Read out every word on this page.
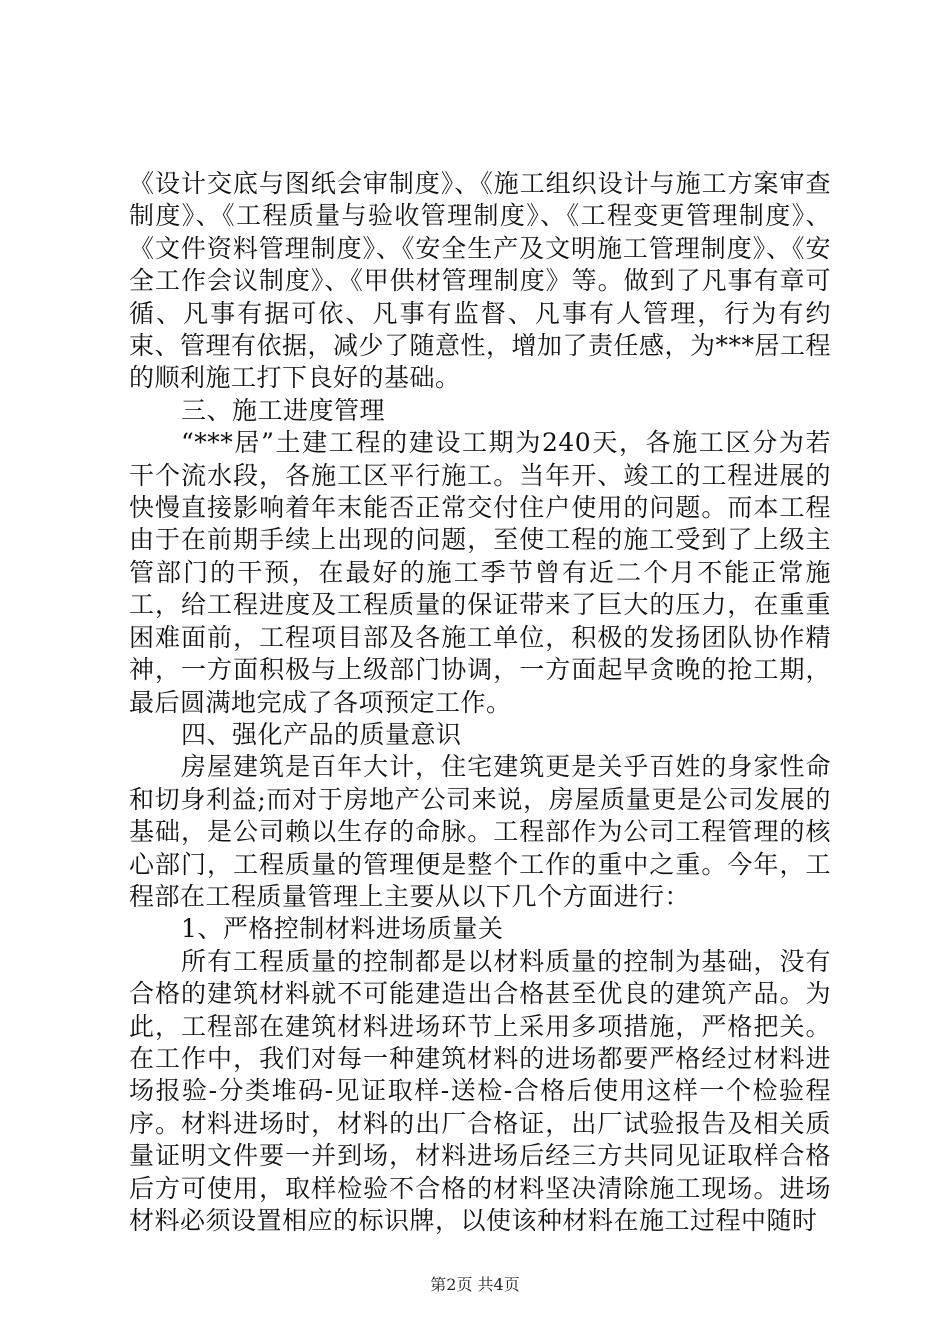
《设计交底与图纸会审制度》、《施工组织设计与施工方案审查制度》、《工程质量与验收管理制度》、《工程变更管理制度》、《文件资料管理制度》、《安全生产及文明施工管理制度》、《安全工作会议制度》、《甲供材管理制度》等。做到了凡事有章可循、凡事有据可依、凡事有监督、凡事有人管理，行为有约束、管理有依据，减少了随意性，增加了责任感，为***居工程的顺利施工打下良好的基础。

三、施工进度管理

“***居”土建工程的建设工期为240天，各施工区分为若干个流水段，各施工区平行施工。当年开、竣工的工程进展的快慢直接影响着年末能否正常交付住户使用的问题。而本工程由于在前期手续上出现的问题，至使工程的施工受到了上级主管部门的干预，在最好的施工季节曾有近二个月不能正常施工，给工程进度及工程质量的保证带来了巨大的压力，在重重困难面前，工程项目部及各施工单位，积极的发扬团队协作精神，一方面积极与上级部门协调，一方面起早贪晚的抢工期，最后圆满地完成了各项预定工作。

四、强化产品的质量意识

房屋建筑是百年大计，住宅建筑更是关乎百姓的身家性命和切身利益;而对于房地产公司来说，房屋质量更是公司发展的基础，是公司赖以生存的命脉。工程部作为公司工程管理的核心部门，工程质量的管理便是整个工作的重中之重。今年，工程部在工程质量管理上主要从以下几个方面进行：

1、严格控制材料进场质量关

所有工程质量的控制都是以材料质量的控制为基础，没有合格的建筑材料就不可能建造出合格甚至优良的建筑产品。为此，工程部在建筑材料进场环节上采用多项措施，严格把关。在工作中，我们对每一种建筑材料的进场都要严格经过材料进场报验-分类堆码-见证取样-送检-合格后使用这样一个检验程序。材料进场时，材料的出厂合格证，出厂试验报告及相关质量证明文件要一并到场，材料进场后经三方共同见证取样合格后方可使用，取样检验不合格的材料坚决清除施工现场。进场材料必须设置相应的标识牌，以使该种材料在施工过程中随时

第2页 共4页
